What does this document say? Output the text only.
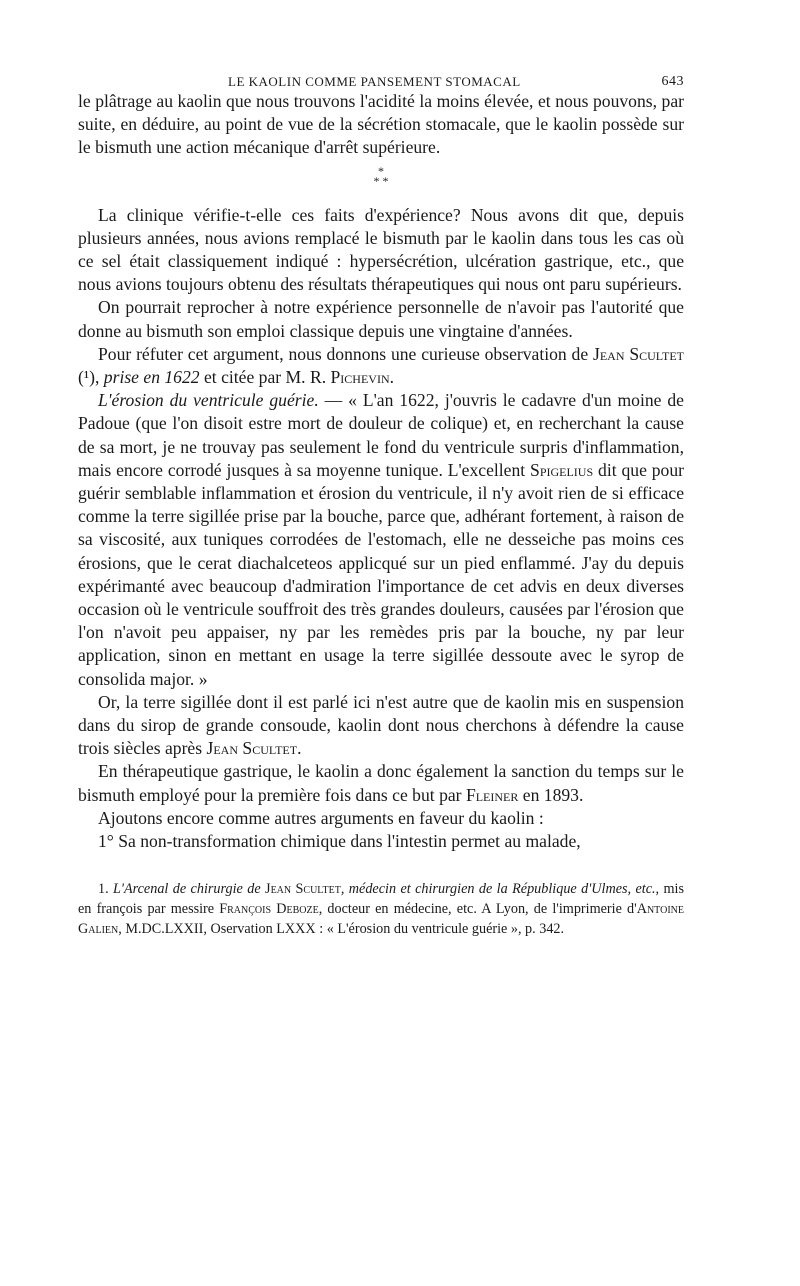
LE KAOLIN COMME PANSEMENT STOMACAL	643

le plâtrage au kaolin que nous trouvons l'acidité la moins élevée, et nous pouvons, par suite, en déduire, au point de vue de la sécrétion stomacale, que le kaolin possède sur le bismuth une action mécanique d'arrêt supérieure.

*
* *

La clinique vérifie-t-elle ces faits d'expérience? Nous avons dit que, depuis plusieurs années, nous avions remplacé le bismuth par le kaolin dans tous les cas où ce sel était classiquement indiqué : hypersécrétion, ulcération gastrique, etc., que nous avions toujours obtenu des résultats thérapeutiques qui nous ont paru supérieurs.

On pourrait reprocher à notre expérience personnelle de n'avoir pas l'autorité que donne au bismuth son emploi classique depuis une vingtaine d'années.

Pour réfuter cet argument, nous donnons une curieuse observation de Jean Scultet (¹), prise en 1622 et citée par M. R. Pichevin.

L'érosion du ventricule guérie. — « L'an 1622, j'ouvris le cadavre d'un moine de Padoue (que l'on disoit estre mort de douleur de colique) et, en recherchant la cause de sa mort, je ne trouvay pas seulement le fond du ventricule surpris d'inflammation, mais encore corrodé jusques à sa moyenne tunique. L'excellent Spigelius dit que pour guérir semblable inflammation et érosion du ventricule, il n'y avoit rien de si efficace comme la terre sigillée prise par la bouche, parce que, adhérant fortement, à raison de sa viscosité, aux tuniques corrodées de l'estomach, elle ne desseiche pas moins ces érosions, que le cerat diachalceteos applicqué sur un pied enflammé. J'ay du depuis expérimanté avec beaucoup d'admiration l'importance de cet advis en deux diverses occasion où le ventricule souffroit des très grandes douleurs, causées par l'érosion que l'on n'avoit peu appaiser, ny par les remèdes pris par la bouche, ny par leur application, sinon en mettant en usage la terre sigillée dessoute avec le syrop de consolida major. »

Or, la terre sigillée dont il est parlé ici n'est autre que de kaolin mis en suspension dans du sirop de grande consoude, kaolin dont nous cherchons à défendre la cause trois siècles après Jean Scultet.

En thérapeutique gastrique, le kaolin a donc également la sanction du temps sur le bismuth employé pour la première fois dans ce but par Fleiner en 1893.

Ajoutons encore comme autres arguments en faveur du kaolin :

1° Sa non-transformation chimique dans l'intestin permet au malade,

1. L'Arcenal de chirurgie de Jean Scultet, médecin et chirurgien de la République d'Ulmes, etc., mis en françois par messire François Deboze, docteur en médecine, etc. A Lyon, de l'imprimerie d'Antoine Galien, M.DC.LXXII, Oservation LXXX : « L'érosion du ventricule guérie », p. 342.
